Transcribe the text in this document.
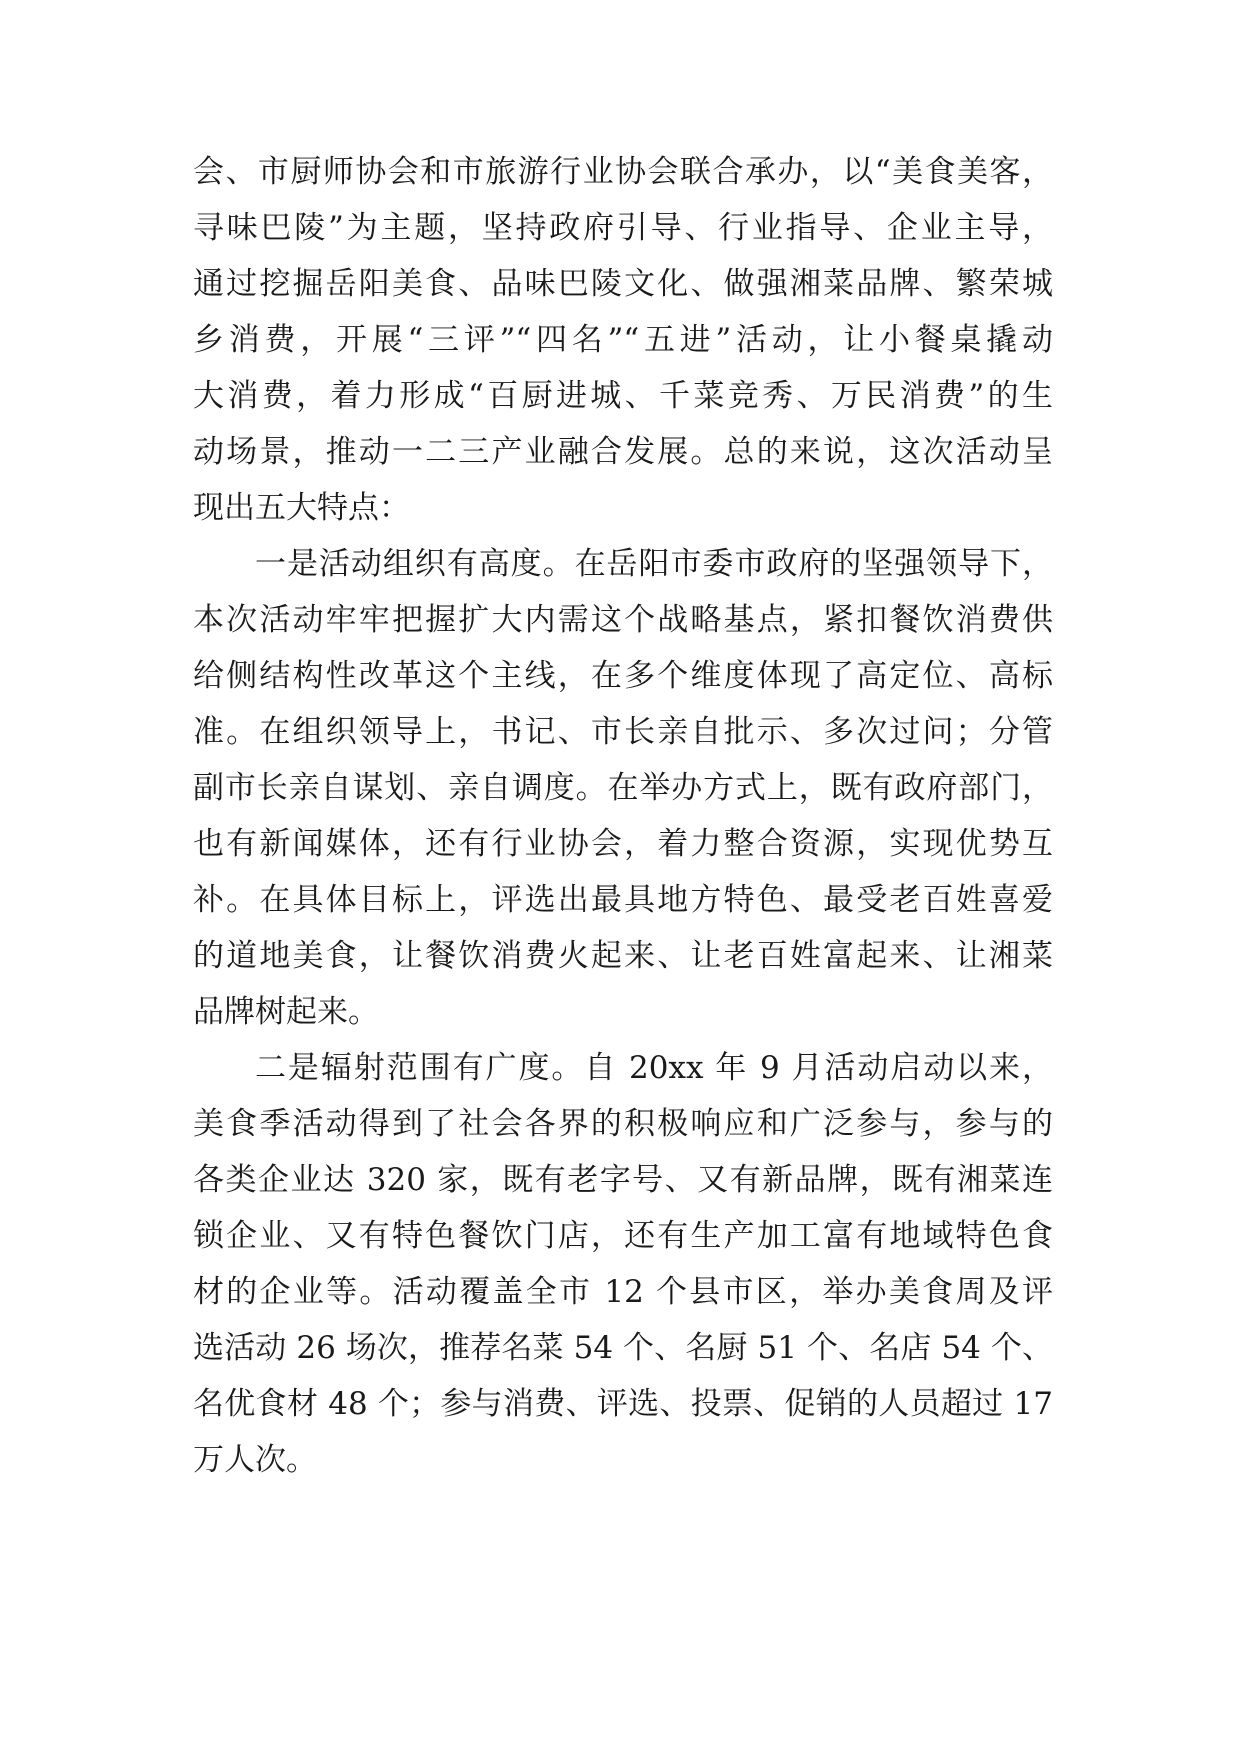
会、市厨师协会和市旅游行业协会联合承办，以“美食美客，
寻味巴陵”为主题，坚持政府引导、行业指导、企业主导，
通过挖掘岳阳美食、品味巴陵文化、做强湘菜品牌、繁荣城
乡消费，开展“三评”“四名”“五进”活动，让小餐桌撬动
大消费，着力形成“百厨进城、千菜竞秀、万民消费”的生
动场景，推动一二三产业融合发展。总的来说，这次活动呈
现出五大特点：
一是活动组织有高度。在岳阳市委市政府的坚强领导下，
本次活动牢牢把握扩大内需这个战略基点，紧扣餐饮消费供
给侧结构性改革这个主线，在多个维度体现了高定位、高标
准。在组织领导上，书记、市长亲自批示、多次过问；分管
副市长亲自谋划、亲自调度。在举办方式上，既有政府部门，
也有新闻媒体，还有行业协会，着力整合资源，实现优势互
补。在具体目标上，评选出最具地方特色、最受老百姓喜爱
的道地美食，让餐饮消费火起来、让老百姓富起来、让湘菜
品牌树起来。
二是辐射范围有广度。自 20xx 年 9 月活动启动以来，
美食季活动得到了社会各界的积极响应和广泛参与，参与的
各类企业达 320 家，既有老字号、又有新品牌，既有湘菜连
锁企业、又有特色餐饮门店，还有生产加工富有地域特色食
材的企业等。活动覆盖全市 12 个县市区，举办美食周及评
选活动 26 场次，推荐名菜 54 个、名厨 51 个、名店 54 个、
名优食材 48 个；参与消费、评选、投票、促销的人员超过 17
万人次。
